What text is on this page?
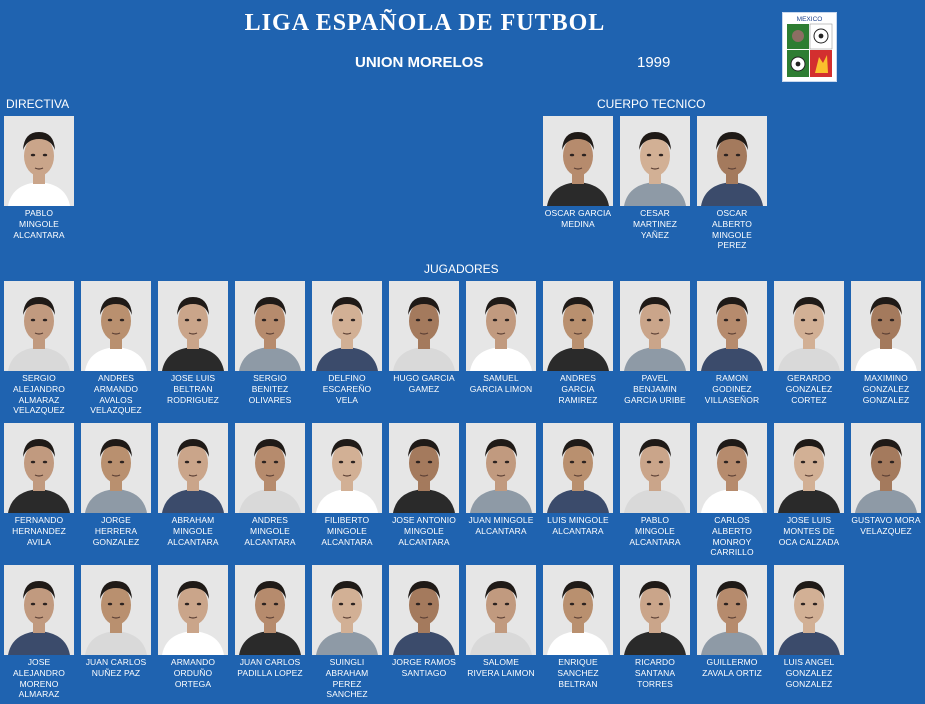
LIGA ESPAÑOLA DE FUTBOL
UNION MORELOS	1999
MEXICO
DIRECTIVA	CUERPO TECNICO
JUGADORES
PABLO MINGOLE ALCANTARA
OSCAR GARCIA MEDINA
CESAR MARTINEZ YAÑEZ
OSCAR ALBERTO MINGOLE PEREZ
SERGIO ALEJANDRO ALMARAZ VELAZQUEZ
ANDRES ARMANDO AVALOS VELAZQUEZ
JOSE LUIS BELTRAN RODRIGUEZ
SERGIO BENITEZ OLIVARES
DELFINO ESCAREÑO VELA
HUGO GARCIA GAMEZ
SAMUEL GARCIA LIMON
ANDRES GARCIA RAMIREZ
PAVEL BENJAMIN GARCIA URIBE
RAMON GODINEZ VILLASEÑOR
GERARDO GONZALEZ CORTEZ
MAXIMINO GONZALEZ GONZALEZ
FERNANDO HERNANDEZ AVILA
JORGE HERRERA GONZALEZ
ABRAHAM MINGOLE ALCANTARA
ANDRES MINGOLE ALCANTARA
FILIBERTO MINGOLE ALCANTARA
JOSE ANTONIO MINGOLE ALCANTARA
JUAN MINGOLE ALCANTARA
LUIS MINGOLE ALCANTARA
PABLO MINGOLE ALCANTARA
CARLOS ALBERTO MONROY CARRILLO
JOSE LUIS MONTES DE OCA CALZADA
GUSTAVO MORA VELAZQUEZ
JOSE ALEJANDRO MORENO ALMARAZ
JUAN CARLOS NUÑEZ PAZ
ARMANDO ORDUÑO ORTEGA
JUAN CARLOS PADILLA LOPEZ
SUINGLI ABRAHAM PEREZ SANCHEZ
JORGE RAMOS SANTIAGO
SALOME RIVERA LAIMON
ENRIQUE SANCHEZ BELTRAN
RICARDO SANTANA TORRES
GUILLERMO ZAVALA ORTIZ
LUIS ANGEL GONZALEZ GONZALEZ
